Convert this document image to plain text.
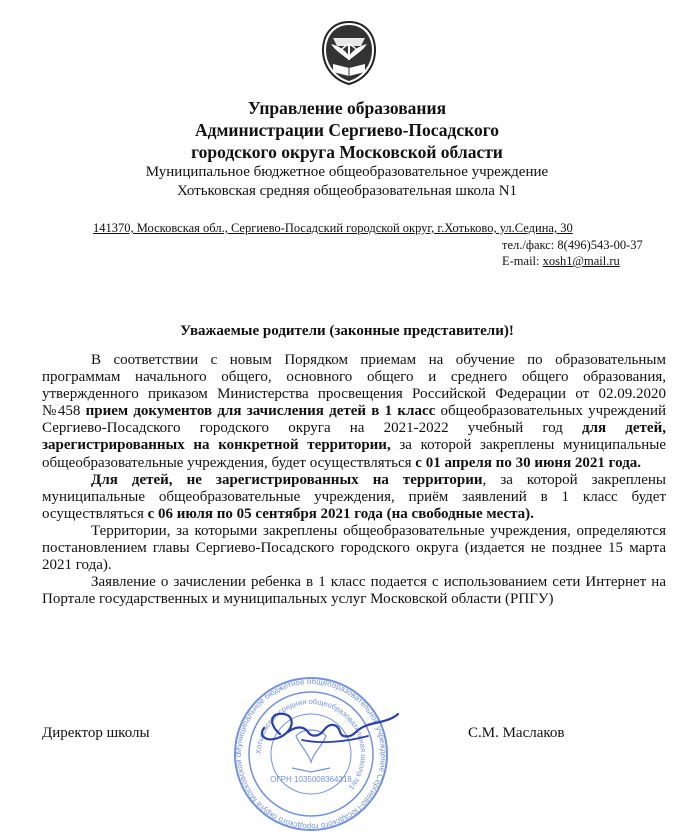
Управление образования
Администрации Сергиево-Посадского
городского округа Московской области
Муниципальное бюджетное общеобразовательное учреждение
Хотьковская средняя общеобразовательная школа N1
141370, Московская обл., Сергиево-Посадский городской округ, г.Хотьково, ул.Седина, 30
тел./факс: 8(496)543-00-37
E-mail: xosh1@mail.ru
Уважаемые родители (законные представители)!

В соответствии с новым Порядком приемам на обучение по образовательным программам начального общего, основного общего и среднего общего образования, утвержденного приказом Министерства просвещения Российской Федерации от 02.09.2020 №458 прием документов для зачисления детей в 1 класс общеобразовательных учреждений Сергиево-Посадского городского округа на 2021-2022 учебный год для детей, зарегистрированных на конкретной территории, за которой закреплены муниципальные общеобразовательные учреждения, будет осуществляться с 01 апреля по 30 июня 2021 года.

Для детей, не зарегистрированных на территории, за которой закреплены муниципальные общеобразовательные учреждения, приём заявлений в 1 класс будет осуществляться с 06 июля по 05 сентября 2021 года (на свободные места).

Территории, за которыми закреплены общеобразовательные учреждения, определяются постановлением главы Сергиево-Посадского городского округа (издается не позднее 15 марта 2021 года).

Заявление о зачислении ребенка в 1 класс подается с использованием сети Интернет на Портале государственных и муниципальных услуг Московской области (РПГУ)

Директор школы	С.М. Маслаков
Муниципальное бюджетное общеобразовательное учреждение Сергиево-Посадского городского округа Московской о
Хотьковская средняя общеобразовательная школа №1
ОГРН 1035008364318
